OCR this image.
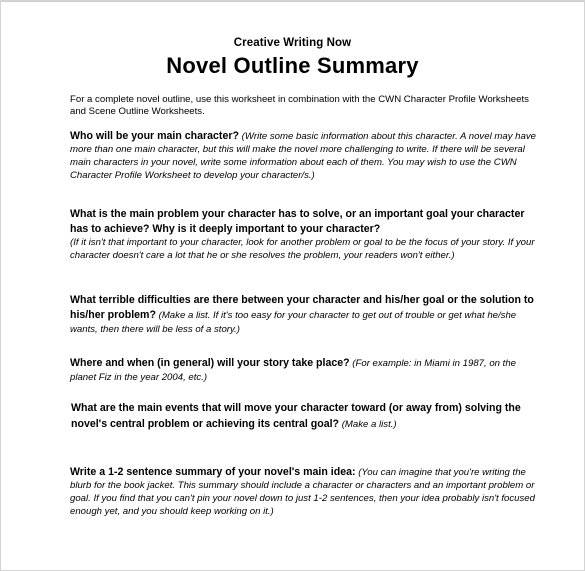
Creative Writing Now
Novel Outline Summary
For a complete novel outline, use this worksheet in combination with the CWN Character Profile Worksheets and Scene Outline Worksheets.
Who will be your main character? (Write some basic information about this character. A novel may have more than one main character, but this will make the novel more challenging to write. If there will be several main characters in your novel, write some information about each of them. You may wish to use the CWN Character Profile Worksheet to develop your character/s.)
What is the main problem your character has to solve, or an important goal your character has to achieve? Why is it deeply important to your character?
(If it isn't that important to your character, look for another problem or goal to be the focus of your story. If your character doesn't care a lot that he or she resolves the problem, your readers won't either.)
What terrible difficulties are there between your character and his/her goal or the solution to his/her problem? (Make a list. If it's too easy for your character to get out of trouble or get what he/she wants, then there will be less of a story.)
Where and when (in general) will your story take place? (For example: in Miami in 1987, on the planet Fiz in the year 2004, etc.)
What are the main events that will move your character toward (or away from) solving the novel's central problem or achieving its central goal? (Make a list.)
Write a 1-2 sentence summary of your novel's main idea: (You can imagine that you're writing the blurb for the book jacket. This summary should include a character or characters and an important problem or goal. If you find that you can't pin your novel down to just 1-2 sentences, then your idea probably isn't focused enough yet, and you should keep working on it.)
